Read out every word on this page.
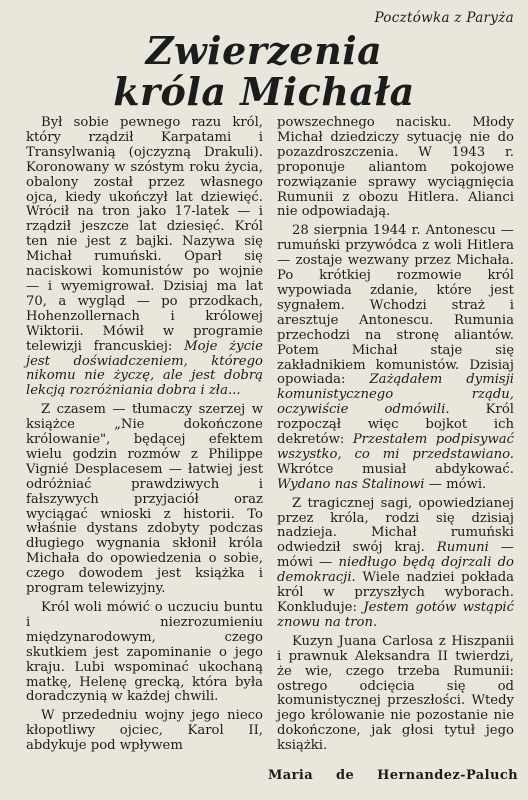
Pocztówka z Paryża
Zwierzenia
króla Michała

Był sobie pewnego razu król, który rządził Karpatami i Transylwanią (ojczyzną Drakuli). Koronowany w szóstym roku życia, obalony został przez własnego ojca, kiedy ukończył lat dziewięć. Wrócił na tron jako 17-latek — i rządził jeszcze lat dziesięć. Król ten nie jest z bajki. Nazywa się Michał rumuński. Oparł się naciskowi komunistów po wojnie — i wyemigrował. Dzisiaj ma lat 70, a wygląd — po przodkach, Hohenzollernach i królowej Wiktorii. Mówił w programie telewizji francuskiej: Moje życie jest doświadczeniem, którego nikomu nie życzę, ale jest dobrą lekcją rozróżniania dobra i zła...

Z czasem — tłumaczy szerzej w książce „Nie dokończone królowanie", będącej efektem wielu godzin rozmów z Philippe Vignié Desplacesem — łatwiej jest odróżniać prawdziwych i fałszywych przyjaciół oraz wyciągać wnioski z historii. To właśnie dystans zdobyty podczas długiego wygnania skłonił króla Michała do opowiedzenia o sobie, czego dowodem jest książka i program telewizyjny.

Król woli mówić o uczuciu buntu i niezrozumieniu międzynarodowym, czego skutkiem jest zapominanie o jego kraju. Lubi wspominać ukochaną matkę, Helenę grecką, która była doradczynią w każdej chwili.

W przededniu wojny jego nieco kłopotliwy ojciec, Karol II, abdykuje pod wpływem

powszechnego nacisku. Młody Michał dziedziczy sytuację nie do pozazdroszczenia. W 1943 r. proponuje aliantom pokojowe rozwiązanie sprawy wyciągnięcia Rumunii z obozu Hitlera. Alianci nie odpowiadają.

28 sierpnia 1944 r. Antonescu — rumuński przywódca z woli Hitlera — zostaje wezwany przez Michała. Po krótkiej rozmowie król wypowiada zdanie, które jest sygnałem. Wchodzi straż i aresztuje Antonescu. Rumunia przechodzi na stronę aliantów. Potem Michał staje się zakładnikiem komunistów. Dzisiaj opowiada: Zażądałem dymisji komunistycznego rządu, oczywiście odmówili. Król rozpoczął więc bojkot ich dekretów: Przestałem podpisywać wszystko, co mi przedstawiano. Wkrótce musiał abdykować. Wydano nas Stalinowi — mówi.

Z tragicznej sagi, opowiedzianej przez króla, rodzi się dzisiaj nadzieja. Michał rumuński odwiedził swój kraj. Rumuni — mówi — niedługo będą dojrzali do demokracji. Wiele nadziei pokłada król w przyszłych wyborach. Konkluduje: Jestem gotów wstąpić znowu na tron.

Kuzyn Juana Carlosa z Hiszpanii i prawnuk Aleksandra II twierdzi, że wie, czego trzeba Rumunii: ostrego odcięcia się od komunistycznej przeszłości. Wtedy jego królowanie nie pozostanie nie dokończone, jak głosi tytuł jego książki.

Maria de Hernandez-Paluch
